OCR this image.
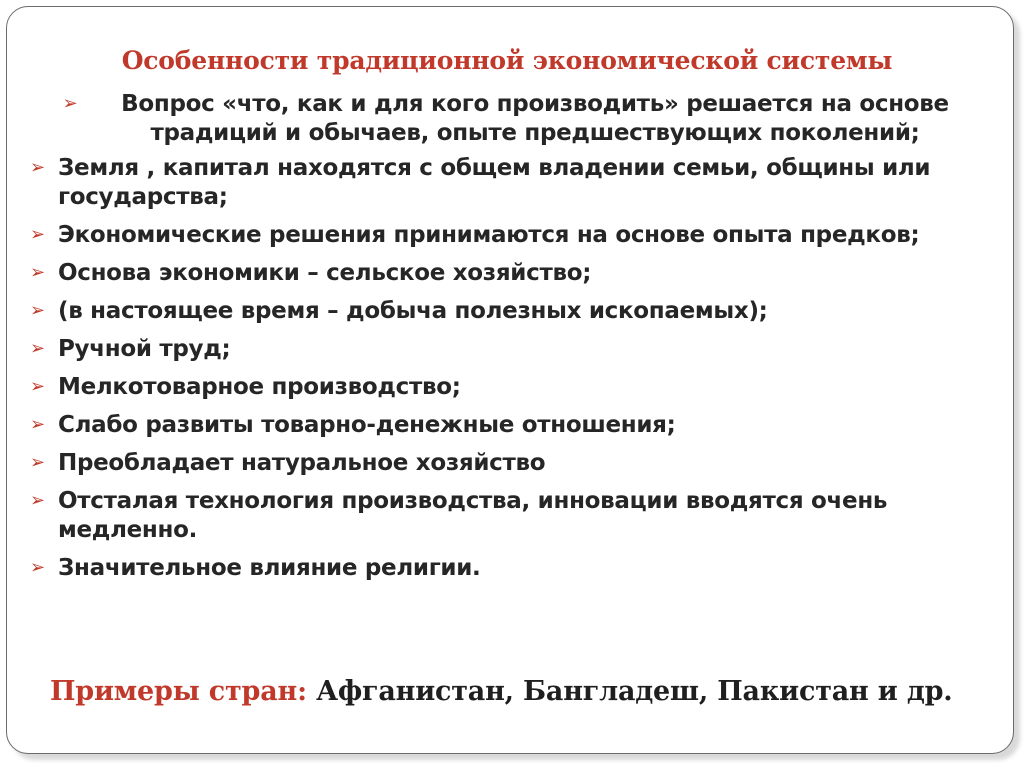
Особенности традиционной экономической системы
➢ Вопрос «что, как и для кого производить» решается на основе традиций и обычаев, опыте предшествующих поколений;
➢ Земля , капитал находятся с общем владении семьи, общины или государства;
➢ Экономические решения принимаются на основе опыта предков;
➢ Основа экономики – сельское хозяйство;
➢ (в настоящее время – добыча полезных ископаемых);
➢ Ручной труд;
➢ Мелкотоварное производство;
➢ Слабо развиты товарно-денежные отношения;
➢ Преобладает натуральное хозяйство
➢ Отсталая технология производства, инновации вводятся очень медленно.
➢ Значительное влияние религии.
Примеры стран: Афганистан, Бангладеш, Пакистан и др.
